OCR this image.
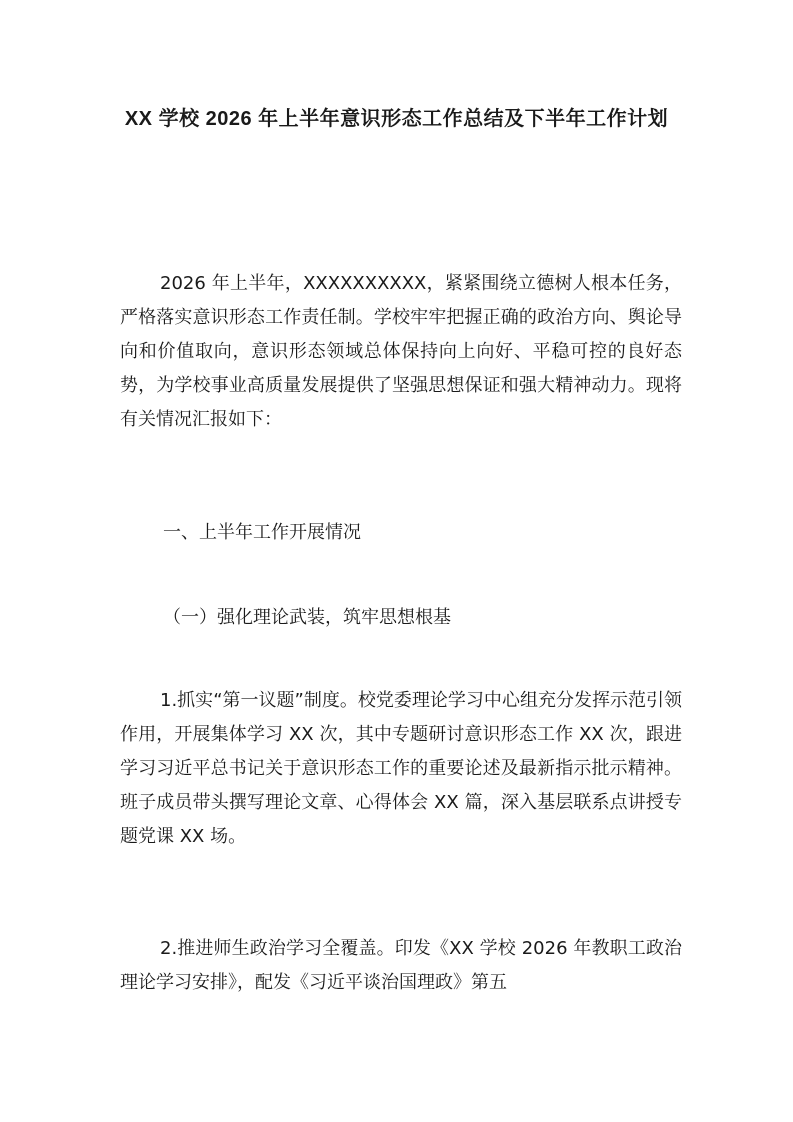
XX 学校 2026 年上半年意识形态工作总结及下半年工作计划

2026 年上半年，XXXXXXXXXX，紧紧围绕立德树人根本任务，严格落实意识形态工作责任制。学校牢牢把握正确的政治方向、舆论导向和价值取向，意识形态领域总体保持向上向好、平稳可控的良好态势，为学校事业高质量发展提供了坚强思想保证和强大精神动力。现将有关情况汇报如下：

一、上半年工作开展情况

（一）强化理论武装，筑牢思想根基

1.抓实“第一议题”制度。校党委理论学习中心组充分发挥示范引领作用，开展集体学习 XX 次，其中专题研讨意识形态工作 XX 次，跟进学习习近平总书记关于意识形态工作的重要论述及最新指示批示精神。班子成员带头撰写理论文章、心得体会 XX 篇，深入基层联系点讲授专题党课 XX 场。

2.推进师生政治学习全覆盖。印发《XX 学校 2026 年教职工政治理论学习安排》，配发《习近平谈治国理政》第五
